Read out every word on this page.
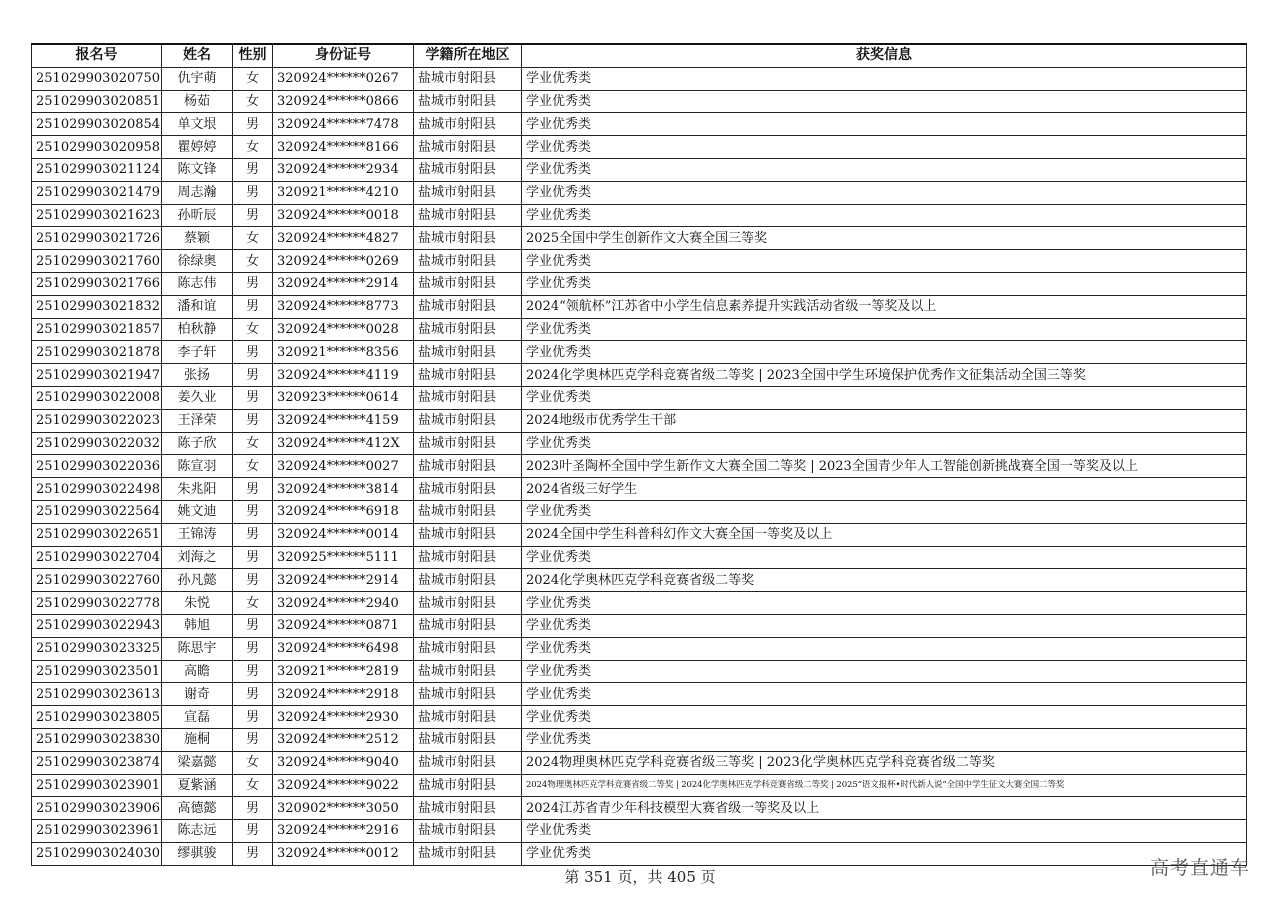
报名号	姓名	性别	身份证号	学籍所在地区	获奖信息
251029903020750	仇宇萌	女	320924******0267	盐城市射阳县	学业优秀类
251029903020851	杨茹	女	320924******0866	盐城市射阳县	学业优秀类
251029903020854	单文垠	男	320924******7478	盐城市射阳县	学业优秀类
251029903020958	瞿婷婷	女	320924******8166	盐城市射阳县	学业优秀类
251029903021124	陈文锋	男	320924******2934	盐城市射阳县	学业优秀类
251029903021479	周志瀚	男	320921******4210	盐城市射阳县	学业优秀类
251029903021623	孙昕辰	男	320924******0018	盐城市射阳县	学业优秀类
251029903021726	蔡颖	女	320924******4827	盐城市射阳县	2025全国中学生创新作文大赛全国三等奖
251029903021760	徐绿奥	女	320924******0269	盐城市射阳县	学业优秀类
251029903021766	陈志伟	男	320924******2914	盐城市射阳县	学业优秀类
251029903021832	潘和谊	男	320924******8773	盐城市射阳县	2024“领航杯”江苏省中小学生信息素养提升实践活动省级一等奖及以上
251029903021857	柏秋静	女	320924******0028	盐城市射阳县	学业优秀类
251029903021878	李子轩	男	320921******8356	盐城市射阳县	学业优秀类
251029903021947	张扬	男	320924******4119	盐城市射阳县	2024化学奥林匹克学科竞赛省级二等奖 | 2023全国中学生环境保护优秀作文征集活动全国三等奖
251029903022008	姜久业	男	320923******0614	盐城市射阳县	学业优秀类
251029903022023	王泽荣	男	320924******4159	盐城市射阳县	2024地级市优秀学生干部
251029903022032	陈子欣	女	320924******412X	盐城市射阳县	学业优秀类
251029903022036	陈宣羽	女	320924******0027	盐城市射阳县	2023叶圣陶杯全国中学生新作文大赛全国二等奖 | 2023全国青少年人工智能创新挑战赛全国一等奖及以上
251029903022498	朱兆阳	男	320924******3814	盐城市射阳县	2024省级三好学生
251029903022564	姚文迪	男	320924******6918	盐城市射阳县	学业优秀类
251029903022651	王锦涛	男	320924******0014	盐城市射阳县	2024全国中学生科普科幻作文大赛全国一等奖及以上
251029903022704	刘海之	男	320925******5111	盐城市射阳县	学业优秀类
251029903022760	孙凡懿	男	320924******2914	盐城市射阳县	2024化学奥林匹克学科竞赛省级二等奖
251029903022778	朱悦	女	320924******2940	盐城市射阳县	学业优秀类
251029903022943	韩旭	男	320924******0871	盐城市射阳县	学业优秀类
251029903023325	陈思宇	男	320924******6498	盐城市射阳县	学业优秀类
251029903023501	高瞻	男	320921******2819	盐城市射阳县	学业优秀类
251029903023613	谢奇	男	320924******2918	盐城市射阳县	学业优秀类
251029903023805	宣磊	男	320924******2930	盐城市射阳县	学业优秀类
251029903023830	施桐	男	320924******2512	盐城市射阳县	学业优秀类
251029903023874	梁嘉懿	女	320924******9040	盐城市射阳县	2024物理奥林匹克学科竞赛省级三等奖 | 2023化学奥林匹克学科竞赛省级二等奖
251029903023901	夏紫涵	女	320924******9022	盐城市射阳县	2024物理奥林匹克学科竞赛省级二等奖 | 2024化学奥林匹克学科竞赛省级二等奖 | 2025“语文报杯•时代新人说”全国中学生征文大赛全国二等奖
251029903023906	高德懿	男	320902******3050	盐城市射阳县	2024江苏省青少年科技模型大赛省级一等奖及以上
251029903023961	陈志远	男	320924******2916	盐城市射阳县	学业优秀类
251029903024030	缪骐骏	男	320924******0012	盐城市射阳县	学业优秀类
第 351 页，共 405 页	高考直通车
